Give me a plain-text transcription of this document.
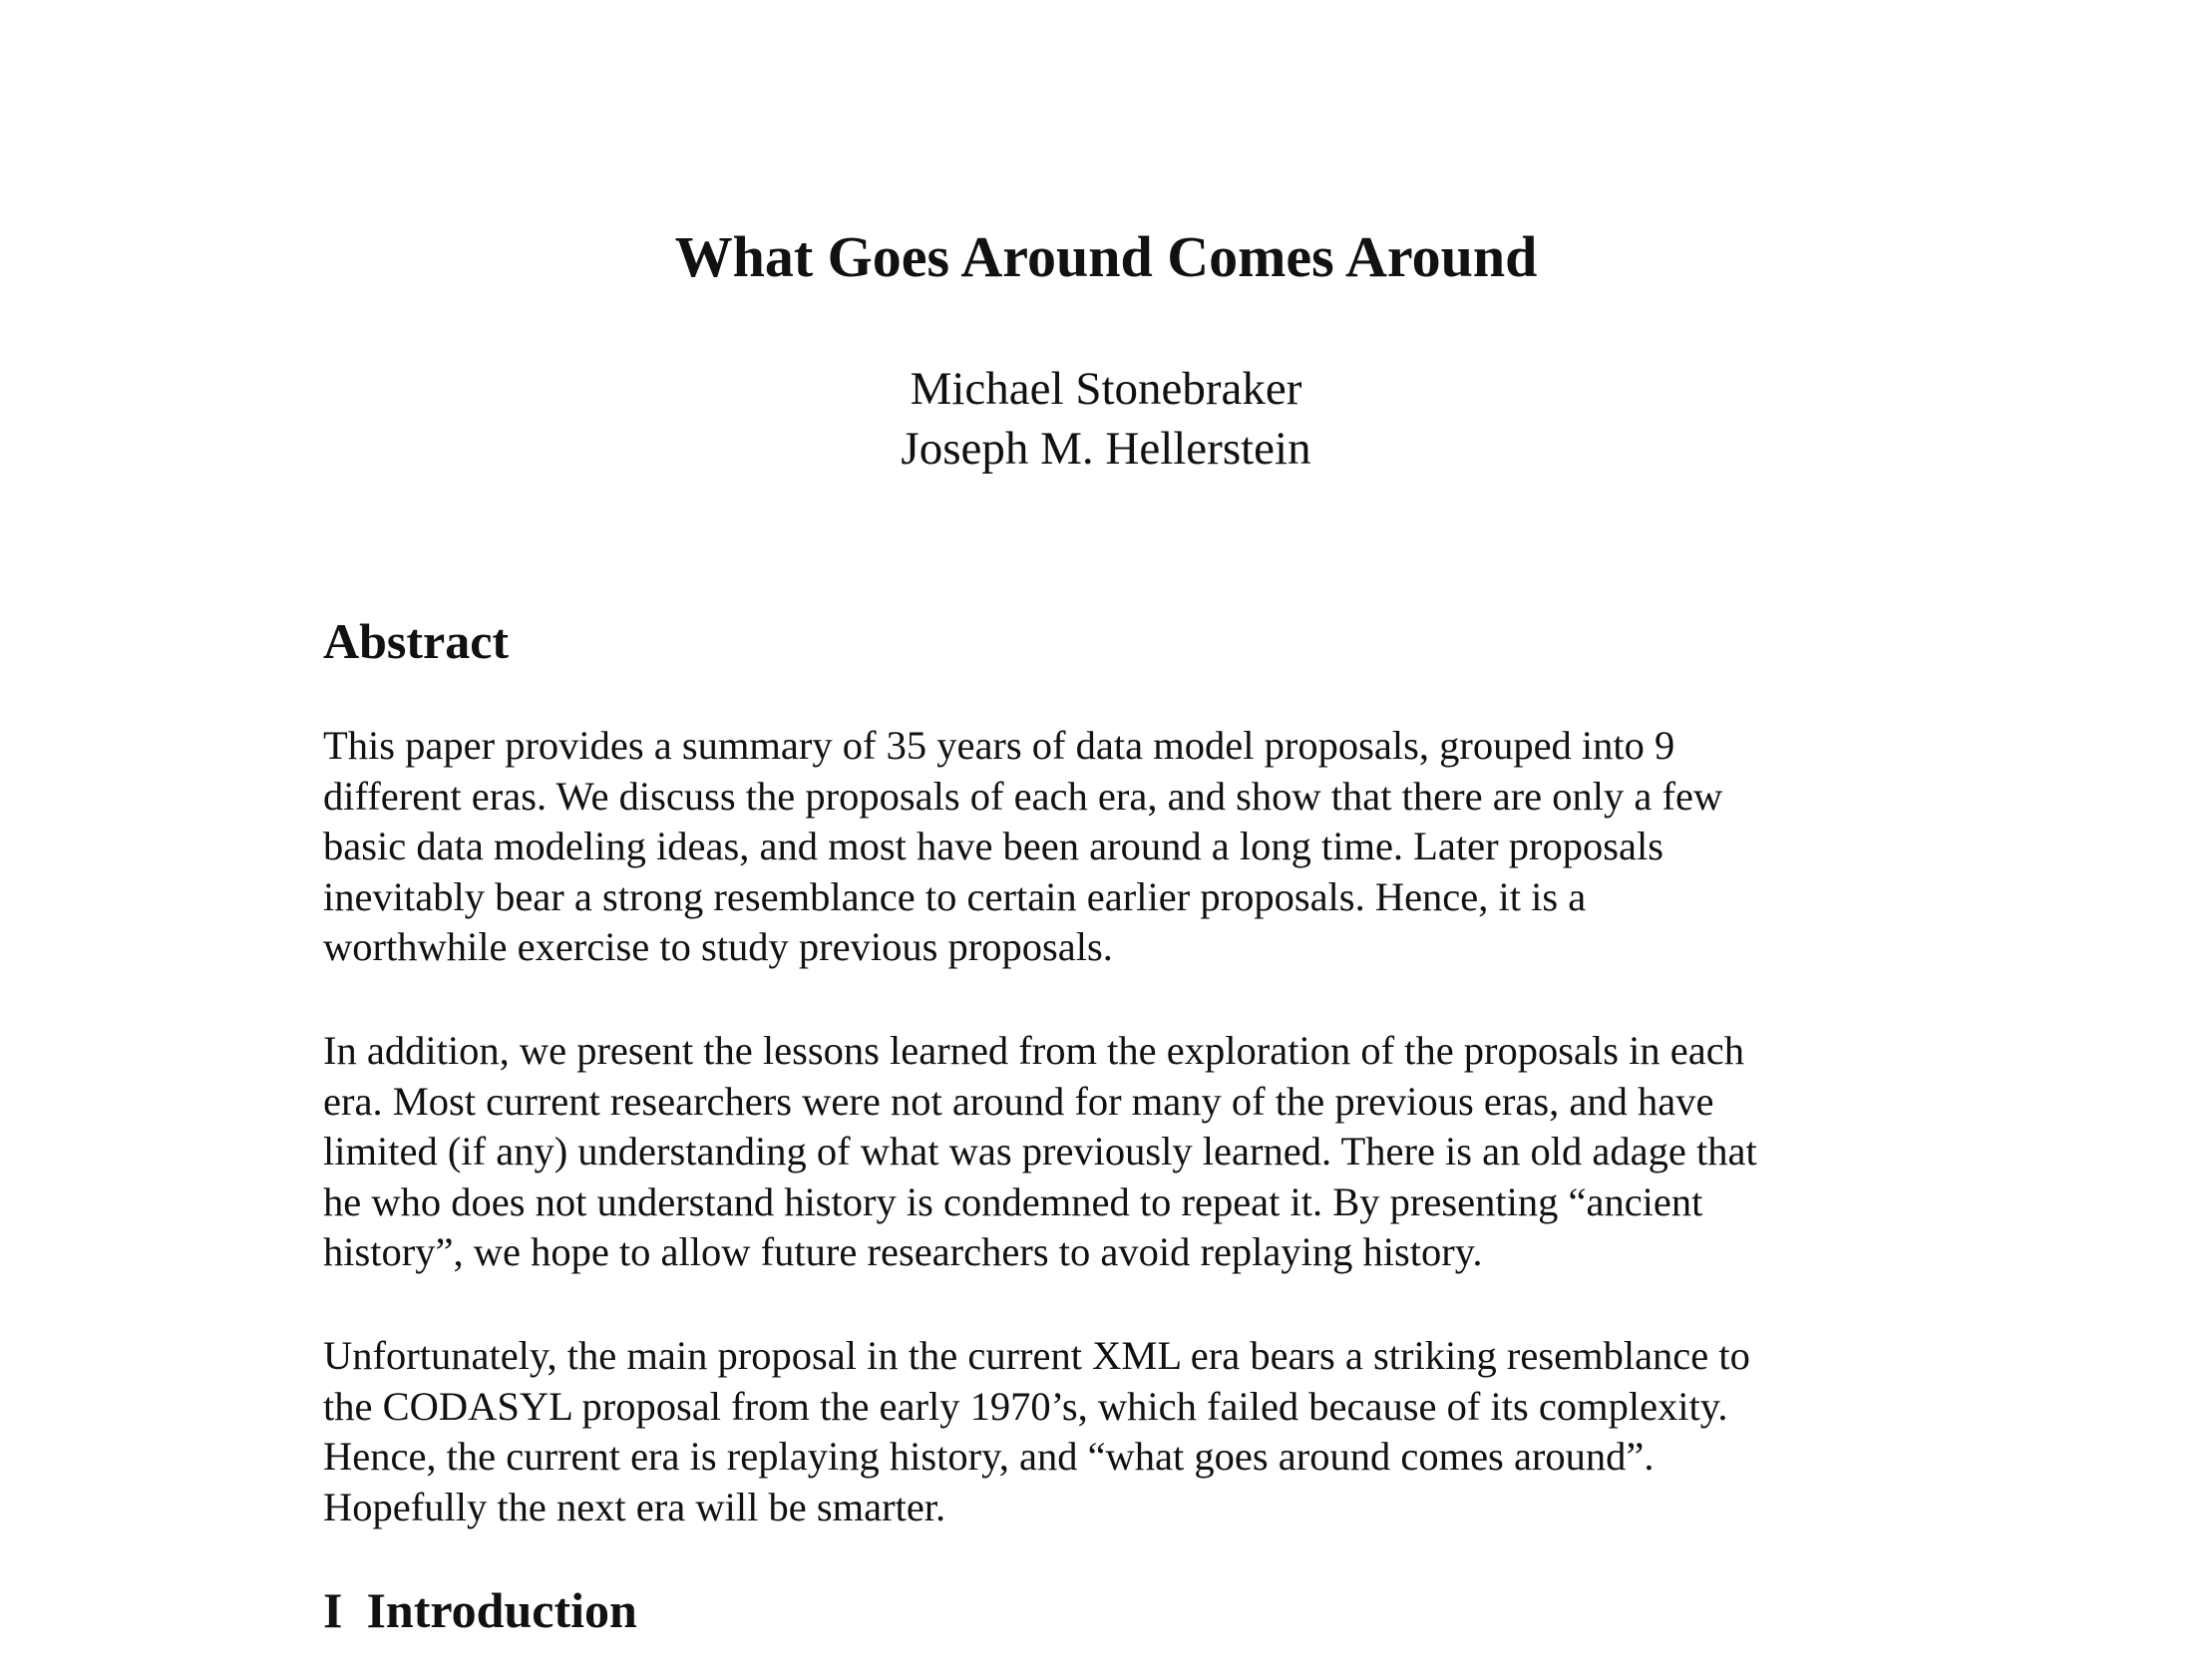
What Goes Around Comes Around
Michael Stonebraker
Joseph M. Hellerstein
Abstract

This paper provides a summary of 35 years of data model proposals, grouped into 9
different eras. We discuss the proposals of each era, and show that there are only a few
basic data modeling ideas, and most have been around a long time. Later proposals
inevitably bear a strong resemblance to certain earlier proposals. Hence, it is a
worthwhile exercise to study previous proposals.

In addition, we present the lessons learned from the exploration of the proposals in each
era. Most current researchers were not around for many of the previous eras, and have
limited (if any) understanding of what was previously learned. There is an old adage that
he who does not understand history is condemned to repeat it. By presenting “ancient
history”, we hope to allow future researchers to avoid replaying history.

Unfortunately, the main proposal in the current XML era bears a striking resemblance to
the CODASYL proposal from the early 1970’s, which failed because of its complexity.
Hence, the current era is replaying history, and “what goes around comes around”.
Hopefully the next era will be smarter.

I Introduction
